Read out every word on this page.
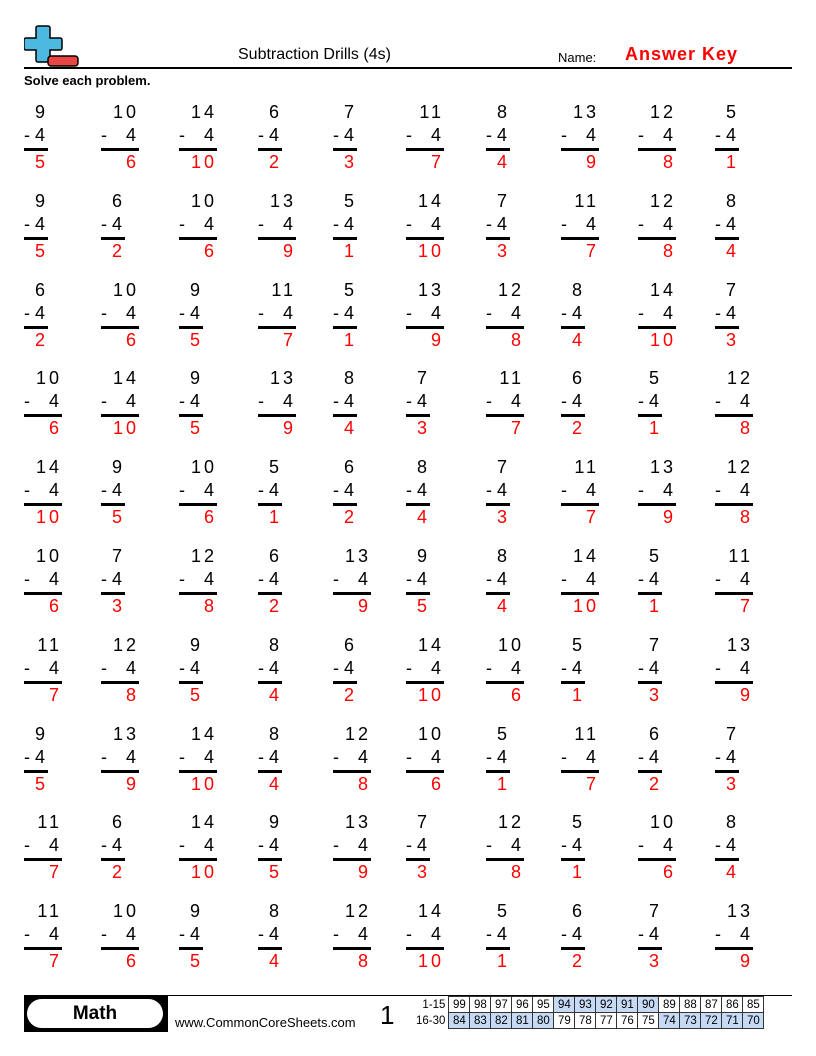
Subtraction Drills (4s)	Name: Answer Key
Solve each problem.
9
- 4
5
10
- 4
6
14
- 4
10
6
- 4
2
7
- 4
3
11
- 4
7
8
- 4
4
13
- 4
9
12
- 4
8
5
- 4
1
9
- 4
5
6
- 4
2
10
- 4
6
13
- 4
9
5
- 4
1
14
- 4
10
7
- 4
3
11
- 4
7
12
- 4
8
8
- 4
4
6
- 4
2
10
- 4
6
9
- 4
5
11
- 4
7
5
- 4
1
13
- 4
9
12
- 4
8
8
- 4
4
14
- 4
10
7
- 4
3
10
- 4
6
14
- 4
10
9
- 4
5
13
- 4
9
8
- 4
4
7
- 4
3
11
- 4
7
6
- 4
2
5
- 4
1
12
- 4
8
14
- 4
10
9
- 4
5
10
- 4
6
5
- 4
1
6
- 4
2
8
- 4
4
7
- 4
3
11
- 4
7
13
- 4
9
12
- 4
8
10
- 4
6
7
- 4
3
12
- 4
8
6
- 4
2
13
- 4
9
9
- 4
5
8
- 4
4
14
- 4
10
5
- 4
1
11
- 4
7
11
- 4
7
12
- 4
8
9
- 4
5
8
- 4
4
6
- 4
2
14
- 4
10
10
- 4
6
5
- 4
1
7
- 4
3
13
- 4
9
9
- 4
5
13
- 4
9
14
- 4
10
8
- 4
4
12
- 4
8
10
- 4
6
5
- 4
1
11
- 4
7
6
- 4
2
7
- 4
3
11
- 4
7
6
- 4
2
14
- 4
10
9
- 4
5
13
- 4
9
7
- 4
3
12
- 4
8
5
- 4
1
10
- 4
6
8
- 4
4
11
- 4
7
10
- 4
6
9
- 4
5
8
- 4
4
12
- 4
8
14
- 4
10
5
- 4
1
6
- 4
2
7
- 4
3
13
- 4
9
Math	www.CommonCoreSheets.com 1 1-15	99	98	97	96	95	94	93	92	91	90	89	88	87	86	85
16-30	84	83	82	81	80	79	78	77	76	75	74	73	72	71	70
